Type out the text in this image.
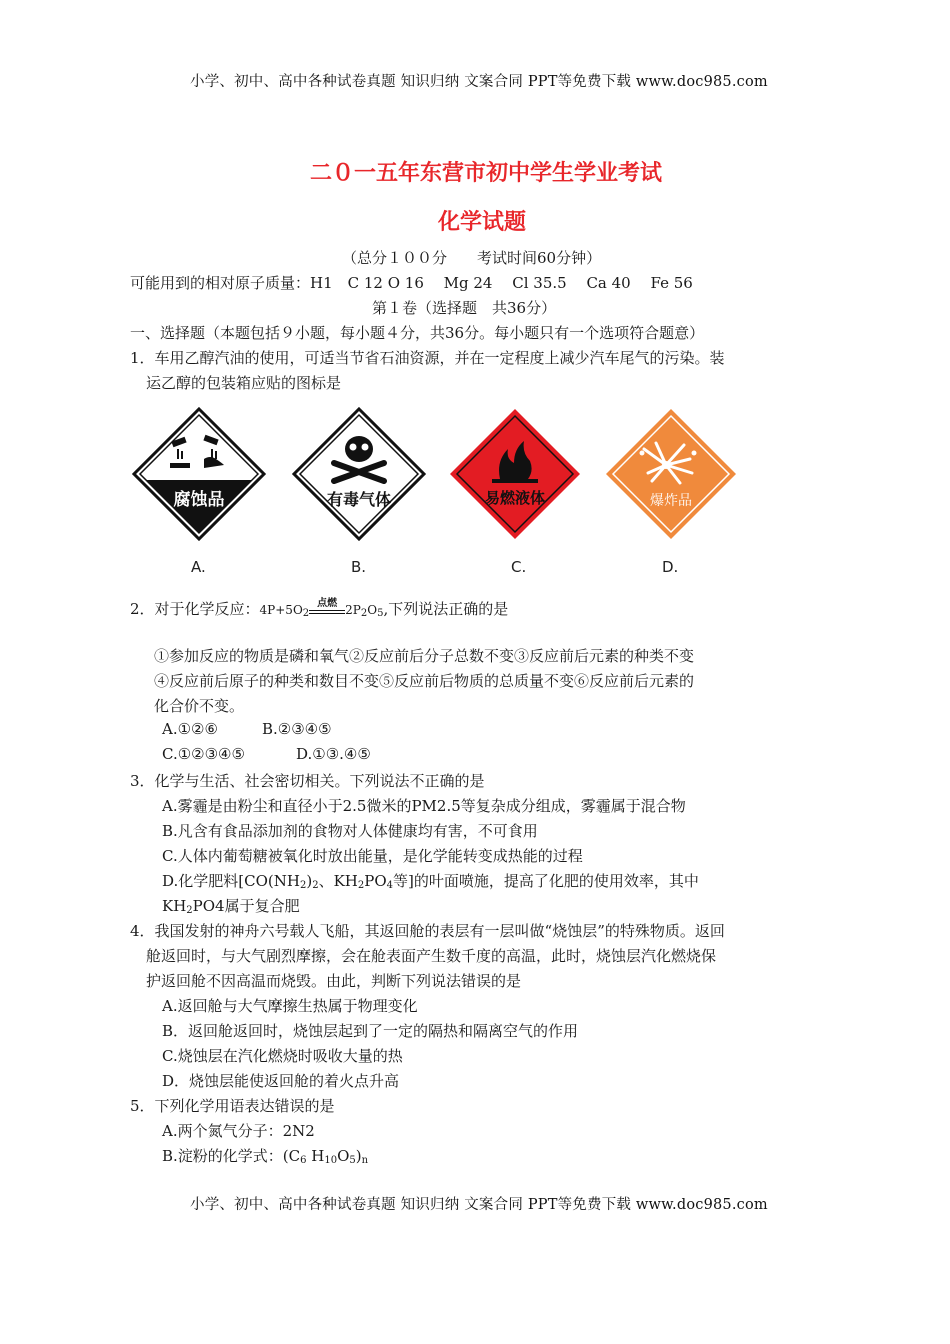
小学、初中、高中各种试卷真题 知识归纳 文案合同 PPT等免费下载 www.doc985.com
二０一五年东营市初中学生学业考试
化学试题
（总分１００分　　考试时间60分钟）
可能用到的相对原子质量：H1　C 12 O 16　 Mg 24　 Cl 35.5　 Ca 40　 Fe 56
第１卷（选择题　共36分）
一、选择题（本题包括９小题，每小题４分，共36分。每小题只有一个选项符合题意）
1．车用乙醇汽油的使用，可适当节省石油资源，并在一定程度上减少汽车尾气的污染。装
运乙醇的包装箱应贴的图标是
腐蚀品	有毒气体	易燃液体	爆炸品
A.	B.	C.	D.
2．对于化学反应：$4P+5O_2$
点燃 $2P_2O_5$,下列说法正确的是
①参加反应的物质是磷和氧气②反应前后分子总数不变③反应前后元素的种类不变
④反应前后原子的种类和数目不变⑤反应前后物质的总质量不变⑥反应前后元素的
化合价不变。
A.①②⑥	B.②③④⑤
C.①②③④⑤	D.①③.④⑤
3．化学与生活、社会密切相关。下列说法不正确的是
A.雾霾是由粉尘和直径小于2.5微米的PM2.5等复杂成分组成，雾霾属于混合物
B.凡含有食品添加剂的食物对人体健康均有害，不可食用
C.人体内葡萄糖被氧化时放出能量，是化学能转变成热能的过程
D.化学肥料[$CO(NH_2)_2$、$KH_2PO_4$等]的叶面喷施，提高了化肥的使用效率，其中
$KH_2PO4$属于复合肥
4．我国发射的神舟六号载人飞船，其返回舱的表层有一层叫做“烧蚀层”的特殊物质。返回
舱返回时，与大气剧烈摩擦，会在舱表面产生数千度的高温，此时，烧蚀层汽化燃烧保
护返回舱不因高温而烧毁。由此，判断下列说法错误的是
A.返回舱与大气摩擦生热属于物理变化
B．返回舱返回时，烧蚀层起到了一定的隔热和隔离空气的作用
C.烧蚀层在汽化燃烧时吸收大量的热
D．烧蚀层能使返回舱的着火点升高
5．下列化学用语表达错误的是
A.两个氮气分子：2N2
B.淀粉的化学式：($C_6$ $H_{10}O_5)_n$
小学、初中、高中各种试卷真题 知识归纳 文案合同 PPT等免费下载 www.doc985.com
